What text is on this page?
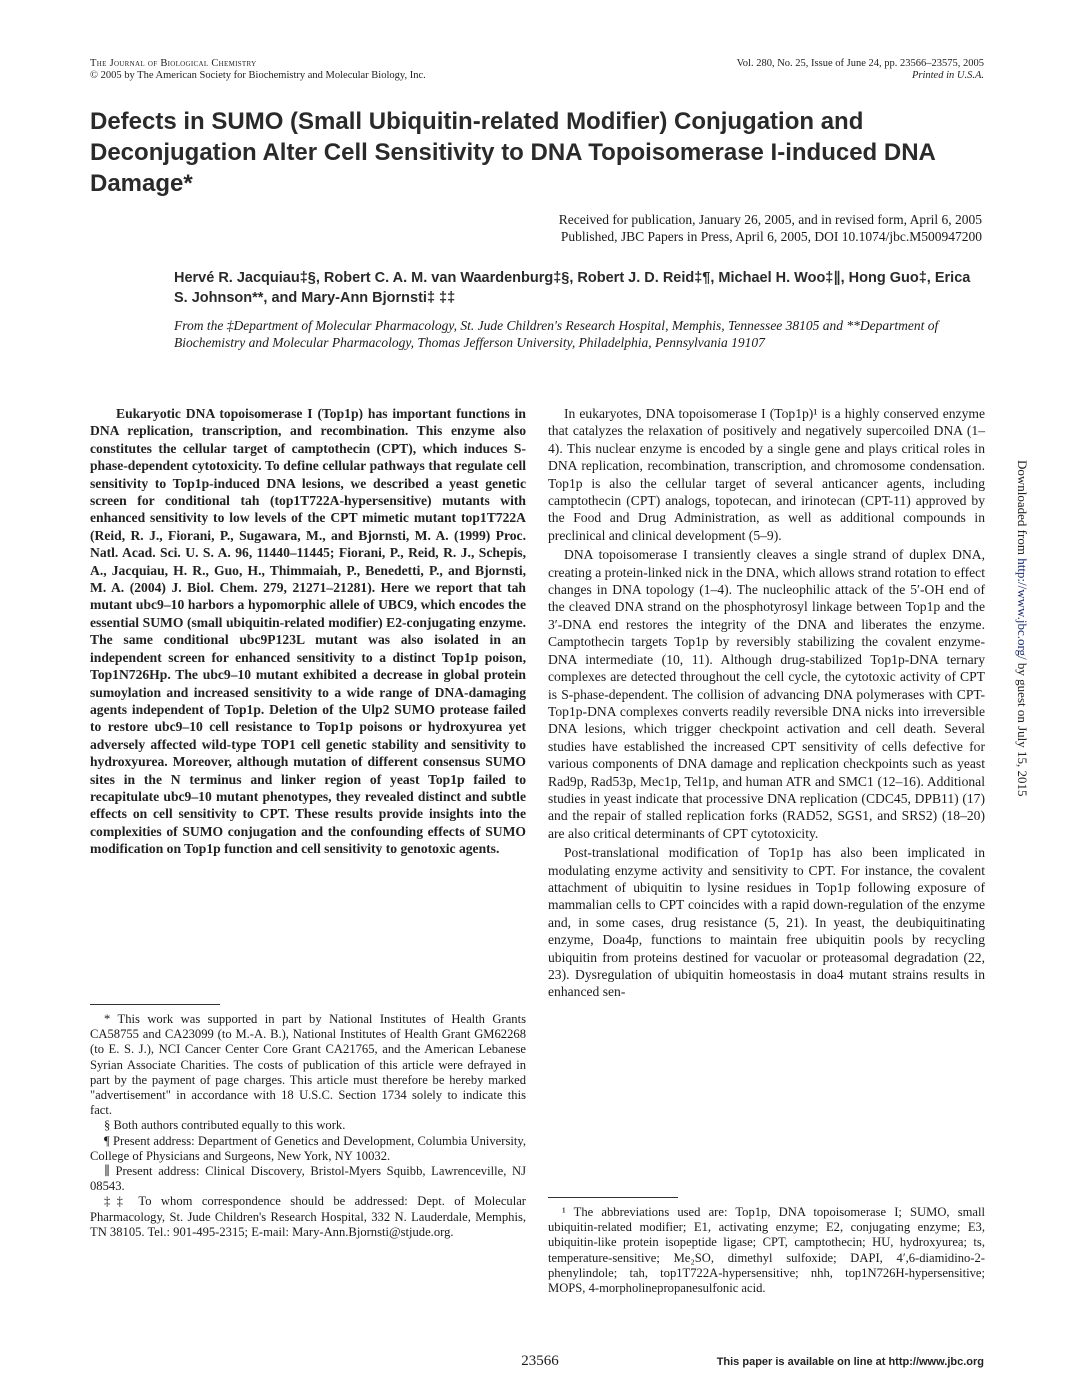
The Journal of Biological Chemistry
© 2005 by The American Society for Biochemistry and Molecular Biology, Inc.
Vol. 280, No. 25, Issue of June 24, pp. 23566–23575, 2005
Printed in U.S.A.
Defects in SUMO (Small Ubiquitin-related Modifier) Conjugation and Deconjugation Alter Cell Sensitivity to DNA Topoisomerase I-induced DNA Damage*
Received for publication, January 26, 2005, and in revised form, April 6, 2005
Published, JBC Papers in Press, April 6, 2005, DOI 10.1074/jbc.M500947200
Hervé R. Jacquiau‡§, Robert C. A. M. van Waardenburg‡§, Robert J. D. Reid‡¶, Michael H. Woo‡∥, Hong Guo‡, Erica S. Johnson**, and Mary-Ann Bjornsti‡ ‡‡
From the ‡Department of Molecular Pharmacology, St. Jude Children's Research Hospital, Memphis, Tennessee 38105 and **Department of Biochemistry and Molecular Pharmacology, Thomas Jefferson University, Philadelphia, Pennsylvania 19107
Eukaryotic DNA topoisomerase I (Top1p) has important functions in DNA replication, transcription, and recombination. This enzyme also constitutes the cellular target of camptothecin (CPT), which induces S-phase-dependent cytotoxicity. To define cellular pathways that regulate cell sensitivity to Top1p-induced DNA lesions, we described a yeast genetic screen for conditional tah (top1T722A-hypersensitive) mutants with enhanced sensitivity to low levels of the CPT mimetic mutant top1T722A (Reid, R. J., Fiorani, P., Sugawara, M., and Bjornsti, M. A. (1999) Proc. Natl. Acad. Sci. U. S. A. 96, 11440–11445; Fiorani, P., Reid, R. J., Schepis, A., Jacquiau, H. R., Guo, H., Thimmaiah, P., Benedetti, P., and Bjornsti, M. A. (2004) J. Biol. Chem. 279, 21271–21281). Here we report that tah mutant ubc9–10 harbors a hypomorphic allele of UBC9, which encodes the essential SUMO (small ubiquitin-related modifier) E2-conjugating enzyme. The same conditional ubc9P123L mutant was also isolated in an independent screen for enhanced sensitivity to a distinct Top1p poison, Top1N726Hp. The ubc9–10 mutant exhibited a decrease in global protein sumoylation and increased sensitivity to a wide range of DNA-damaging agents independent of Top1p. Deletion of the Ulp2 SUMO protease failed to restore ubc9–10 cell resistance to Top1p poisons or hydroxyurea yet adversely affected wild-type TOP1 cell genetic stability and sensitivity to hydroxyurea. Moreover, although mutation of different consensus SUMO sites in the N terminus and linker region of yeast Top1p failed to recapitulate ubc9–10 mutant phenotypes, they revealed distinct and subtle effects on cell sensitivity to CPT. These results provide insights into the complexities of SUMO conjugation and the confounding effects of SUMO modification on Top1p function and cell sensitivity to genotoxic agents.

* This work was supported in part by National Institutes of Health Grants CA58755 and CA23099 (to M.-A. B.), National Institutes of Health Grant GM62268 (to E. S. J.), NCI Cancer Center Core Grant CA21765, and the American Lebanese Syrian Associate Charities. The costs of publication of this article were defrayed in part by the payment of page charges. This article must therefore be hereby marked "advertisement" in accordance with 18 U.S.C. Section 1734 solely to indicate this fact.

§ Both authors contributed equally to this work.

¶ Present address: Department of Genetics and Development, Columbia University, College of Physicians and Surgeons, New York, NY 10032.

∥ Present address: Clinical Discovery, Bristol-Myers Squibb, Lawrenceville, NJ 08543.

‡‡ To whom correspondence should be addressed: Dept. of Molecular Pharmacology, St. Jude Children's Research Hospital, 332 N. Lauderdale, Memphis, TN 38105. Tel.: 901-495-2315; E-mail: Mary-Ann.Bjornsti@stjude.org.

In eukaryotes, DNA topoisomerase I (Top1p)¹ is a highly conserved enzyme that catalyzes the relaxation of positively and negatively supercoiled DNA (1–4). This nuclear enzyme is encoded by a single gene and plays critical roles in DNA replication, recombination, transcription, and chromosome condensation. Top1p is also the cellular target of several anticancer agents, including camptothecin (CPT) analogs, topotecan, and irinotecan (CPT-11) approved by the Food and Drug Administration, as well as additional compounds in preclinical and clinical development (5–9).

DNA topoisomerase I transiently cleaves a single strand of duplex DNA, creating a protein-linked nick in the DNA, which allows strand rotation to effect changes in DNA topology (1–4). The nucleophilic attack of the 5′-OH end of the cleaved DNA strand on the phosphotyrosyl linkage between Top1p and the 3′-DNA end restores the integrity of the DNA and liberates the enzyme. Camptothecin targets Top1p by reversibly stabilizing the covalent enzyme-DNA intermediate (10, 11). Although drug-stabilized Top1p-DNA ternary complexes are detected throughout the cell cycle, the cytotoxic activity of CPT is S-phase-dependent. The collision of advancing DNA polymerases with CPT-Top1p-DNA complexes converts readily reversible DNA nicks into irreversible DNA lesions, which trigger checkpoint activation and cell death. Several studies have established the increased CPT sensitivity of cells defective for various components of DNA damage and replication checkpoints such as yeast Rad9p, Rad53p, Mec1p, Tel1p, and human ATR and SMC1 (12–16). Additional studies in yeast indicate that processive DNA replication (CDC45, DPB11) (17) and the repair of stalled replication forks (RAD52, SGS1, and SRS2) (18–20) are also critical determinants of CPT cytotoxicity.

Post-translational modification of Top1p has also been implicated in modulating enzyme activity and sensitivity to CPT. For instance, the covalent attachment of ubiquitin to lysine residues in Top1p following exposure of mammalian cells to CPT coincides with a rapid down-regulation of the enzyme and, in some cases, drug resistance (5, 21). In yeast, the deubiquitinating enzyme, Doa4p, functions to maintain free ubiquitin pools by recycling ubiquitin from proteins destined for vacuolar or proteasomal degradation (22, 23). Dysregulation of ubiquitin homeostasis in doa4 mutant strains results in enhanced sen-

¹ The abbreviations used are: Top1p, DNA topoisomerase I; SUMO, small ubiquitin-related modifier; E1, activating enzyme; E2, conjugating enzyme; E3, ubiquitin-like protein isopeptide ligase; CPT, camptothecin; HU, hydroxyurea; ts, temperature-sensitive; Me₂SO, dimethyl sulfoxide; DAPI, 4′,6-diamidino-2-phenylindole; tah, top1T722A-hypersensitive; nhh, top1N726H-hypersensitive; MOPS, 4-morpholinepropanesulfonic acid.

23566	This paper is available on line at http://www.jbc.org
Downloaded from http://www.jbc.org/ by guest on July 15, 2015
